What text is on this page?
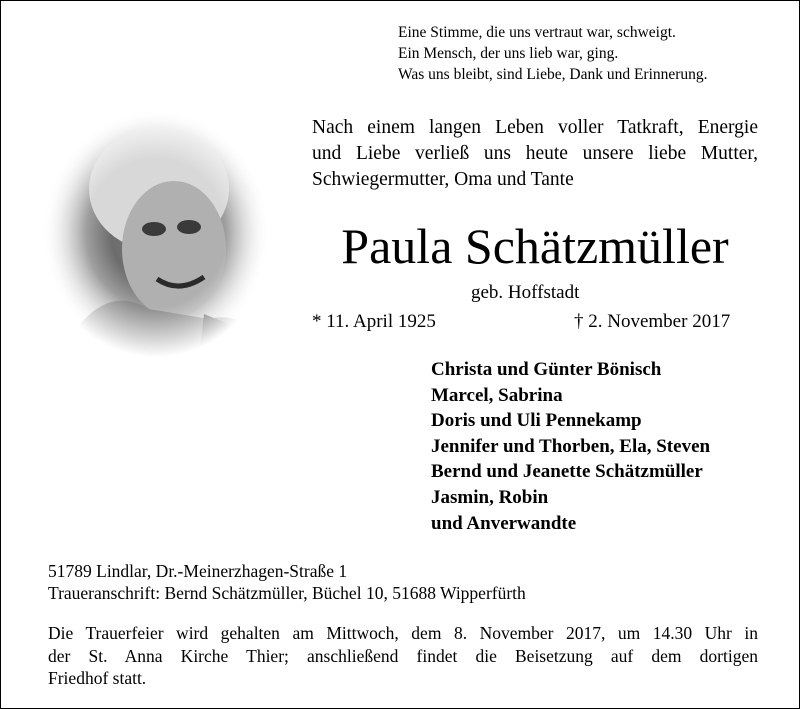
Eine Stimme, die uns vertraut war, schweigt.
Ein Mensch, der uns lieb war, ging.
Was uns bleibt, sind Liebe, Dank und Erinnerung.
Nach einem langen Leben voller Tatkraft, Energie
und Liebe verließ uns heute unsere liebe Mutter,
Schwiegermutter, Oma und Tante
Paula Schätzmüller
geb. Hoffstadt
* 11. April 1925	† 2. November 2017
Christa und Günter Bönisch
Marcel, Sabrina
Doris und Uli Pennekamp
Jennifer und Thorben, Ela, Steven
Bernd und Jeanette Schätzmüller
Jasmin, Robin
und Anverwandte
51789 Lindlar, Dr.-Meinerzhagen-Straße 1
Traueranschrift: Bernd Schätzmüller, Büchel 10, 51688 Wipperfürth
Die Trauerfeier wird gehalten am Mittwoch, dem 8. November 2017, um 14.30 Uhr in
der St. Anna Kirche Thier; anschließend findet die Beisetzung auf dem dortigen
Friedhof statt.
